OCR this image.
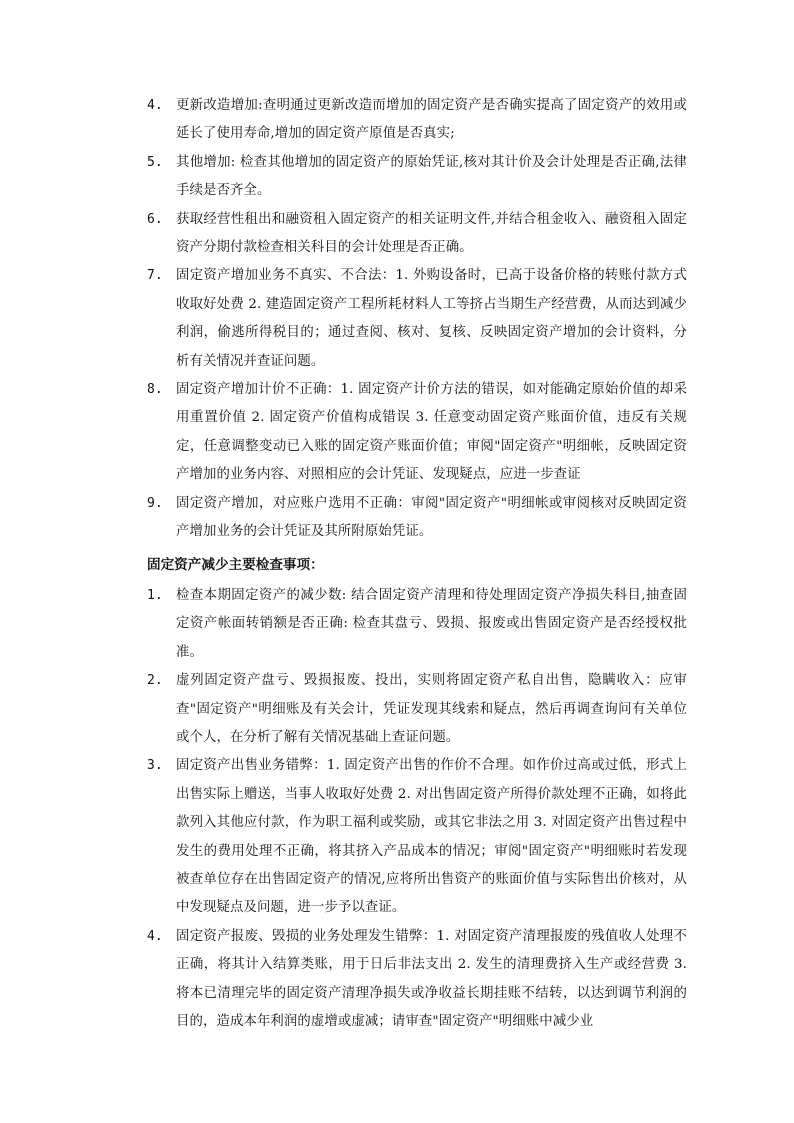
4. 更新改造增加:查明通过更新改造而增加的固定资产是否确实提高了固定资产的效用或延长了使用寿命,增加的固定资产原值是否真实;
5. 其他增加: 检查其他增加的固定资产的原始凭证,核对其计价及会计处理是否正确,法律手续是否齐全。
6. 获取经营性租出和融资租入固定资产的相关证明文件,并结合租金收入、融资租入固定资产分期付款检查相关科目的会计处理是否正确。
7. 固定资产增加业务不真实、不合法：1. 外购设备时，已高于设备价格的转账付款方式收取好处费 2. 建造固定资产工程所耗材料人工等挤占当期生产经营费，从而达到减少利润，偷逃所得税目的；通过查阅、核对、复核、反映固定资产增加的会计资料，分析有关情况并查证问题。
8. 固定资产增加计价不正确：1. 固定资产计价方法的错误，如对能确定原始价值的却采用重置价值 2. 固定资产价值构成错误 3. 任意变动固定资产账面价值，违反有关规定，任意调整变动已入账的固定资产账面价值；审阅"固定资产"明细帐，反映固定资产增加的业务内容、对照相应的会计凭证、发现疑点，应进一步查证
9. 固定资产增加，对应账户选用不正确：审阅"固定资产"明细帐或审阅核对反映固定资产增加业务的会计凭证及其所附原始凭证。
固定资产减少主要检查事项：
1. 检查本期固定资产的减少数: 结合固定资产清理和待处理固定资产净损失科目,抽查固定资产帐面转销额是否正确: 检查其盘亏、毁损、报废或出售固定资产是否经授权批准。
2. 虚列固定资产盘亏、毁损报废、投出，实则将固定资产私自出售，隐瞒收入：应审查"固定资产"明细账及有关会计，凭证发现其线索和疑点，然后再调查询问有关单位或个人，在分析了解有关情况基础上查证问题。
3. 固定资产出售业务错弊：1. 固定资产出售的作价不合理。如作价过高或过低，形式上出售实际上赠送，当事人收取好处费 2. 对出售固定资产所得价款处理不正确，如将此款列入其他应付款，作为职工福利或奖励，或其它非法之用 3. 对固定资产出售过程中发生的费用处理不正确，将其挤入产品成本的情况；审阅"固定资产"明细账时若发现被查单位存在出售固定资产的情况,应将所出售资产的账面价值与实际售出价核对，从中发现疑点及问题，进一步予以查证。
4. 固定资产报废、毁损的业务处理发生错弊：1. 对固定资产清理报废的残值收人处理不正确，将其计入结算类账，用于日后非法支出 2. 发生的清理费挤入生产或经营费 3. 将本已清理完毕的固定资产清理净损失或净收益长期挂账不结转，以达到调节利润的目的，造成本年利润的虚增或虚减；请审查"固定资产"明细账中减少业
